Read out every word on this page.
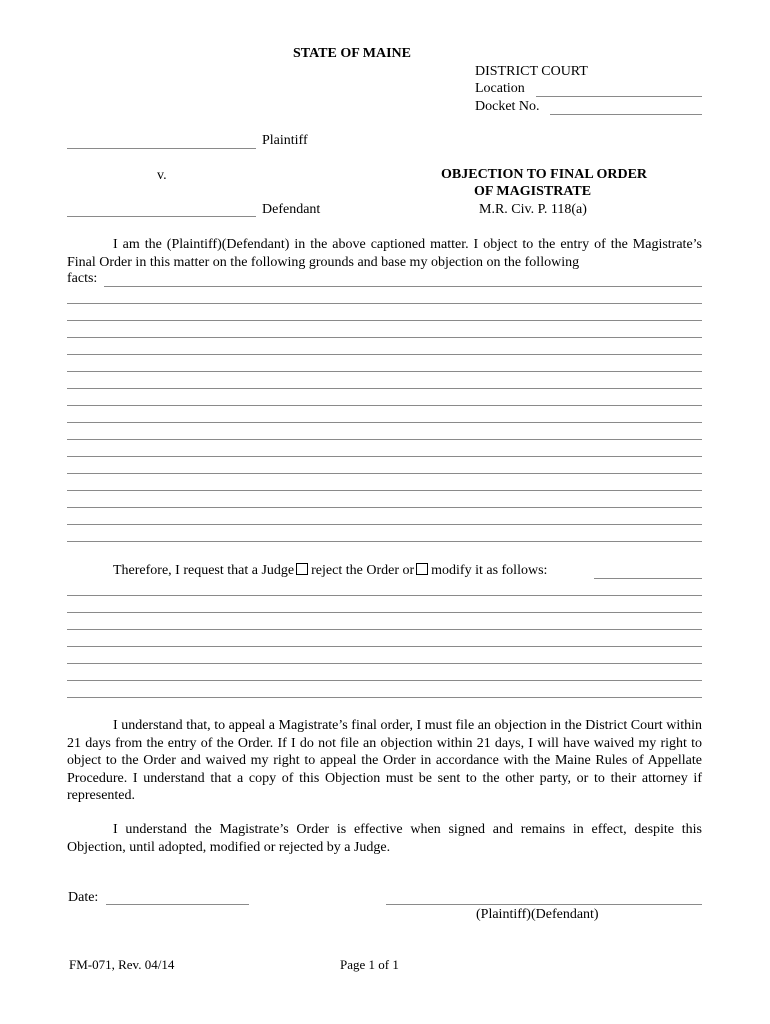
STATE OF MAINE
DISTRICT COURT
Location
Docket No.
Plaintiff
v.
Defendant
OBJECTION TO FINAL ORDER
OF MAGISTRATE
M.R. Civ. P. 118(a)
I am the (Plaintiff)(Defendant) in the above captioned matter. I object to the entry of the Magistrate’s Final Order in this matter on the following grounds and base my objection on the following
facts:
Therefore, I request that a Judge reject the Order or modify it as follows:
I understand that, to appeal a Magistrate’s final order, I must file an objection in the District Court within 21 days from the entry of the Order. If I do not file an objection within 21 days, I will have waived my right to object to the Order and waived my right to appeal the Order in accordance with the Maine Rules of Appellate Procedure. I understand that a copy of this Objection must be sent to the other party, or to their attorney if represented.
I understand the Magistrate’s Order is effective when signed and remains in effect, despite this Objection, until adopted, modified or rejected by a Judge.
Date:
(Plaintiff)(Defendant)
FM-071, Rev. 04/14	Page 1 of 1
